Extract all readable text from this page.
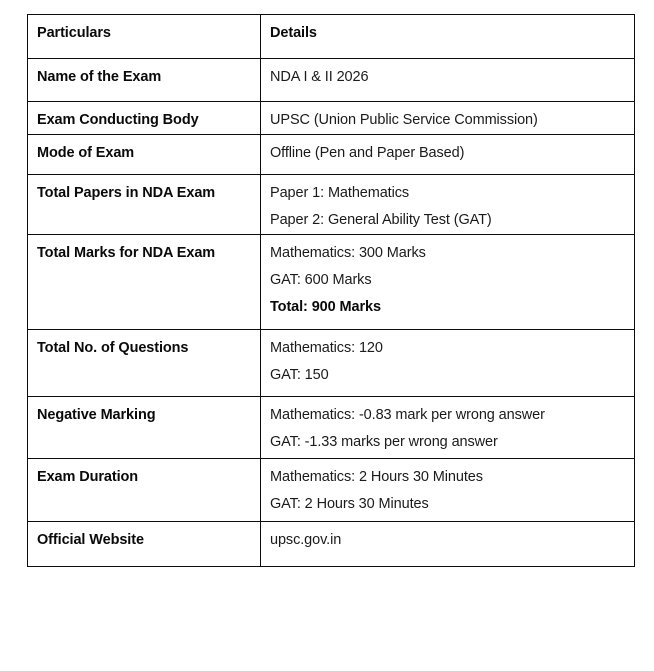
Particulars	Details
Name of the Exam	NDA I & II 2026

Exam Conducting Body	UPSC (Union Public Service Commission)

Mode of Exam	Offline (Pen and Paper Based)

Total Papers in NDA Exam	Paper 1: Mathematics
Paper 2: General Ability Test (GAT)

Total Marks for NDA Exam	Mathematics: 300 Marks
GAT: 600 Marks
Total: 900 Marks

Total No. of Questions	Mathematics: 120
GAT: 150

Negative Marking	Mathematics: -0.83 mark per wrong answer
GAT: -1.33 marks per wrong answer

Exam Duration	Mathematics: 2 Hours 30 Minutes
GAT: 2 Hours 30 Minutes

Official Website	upsc.gov.in
